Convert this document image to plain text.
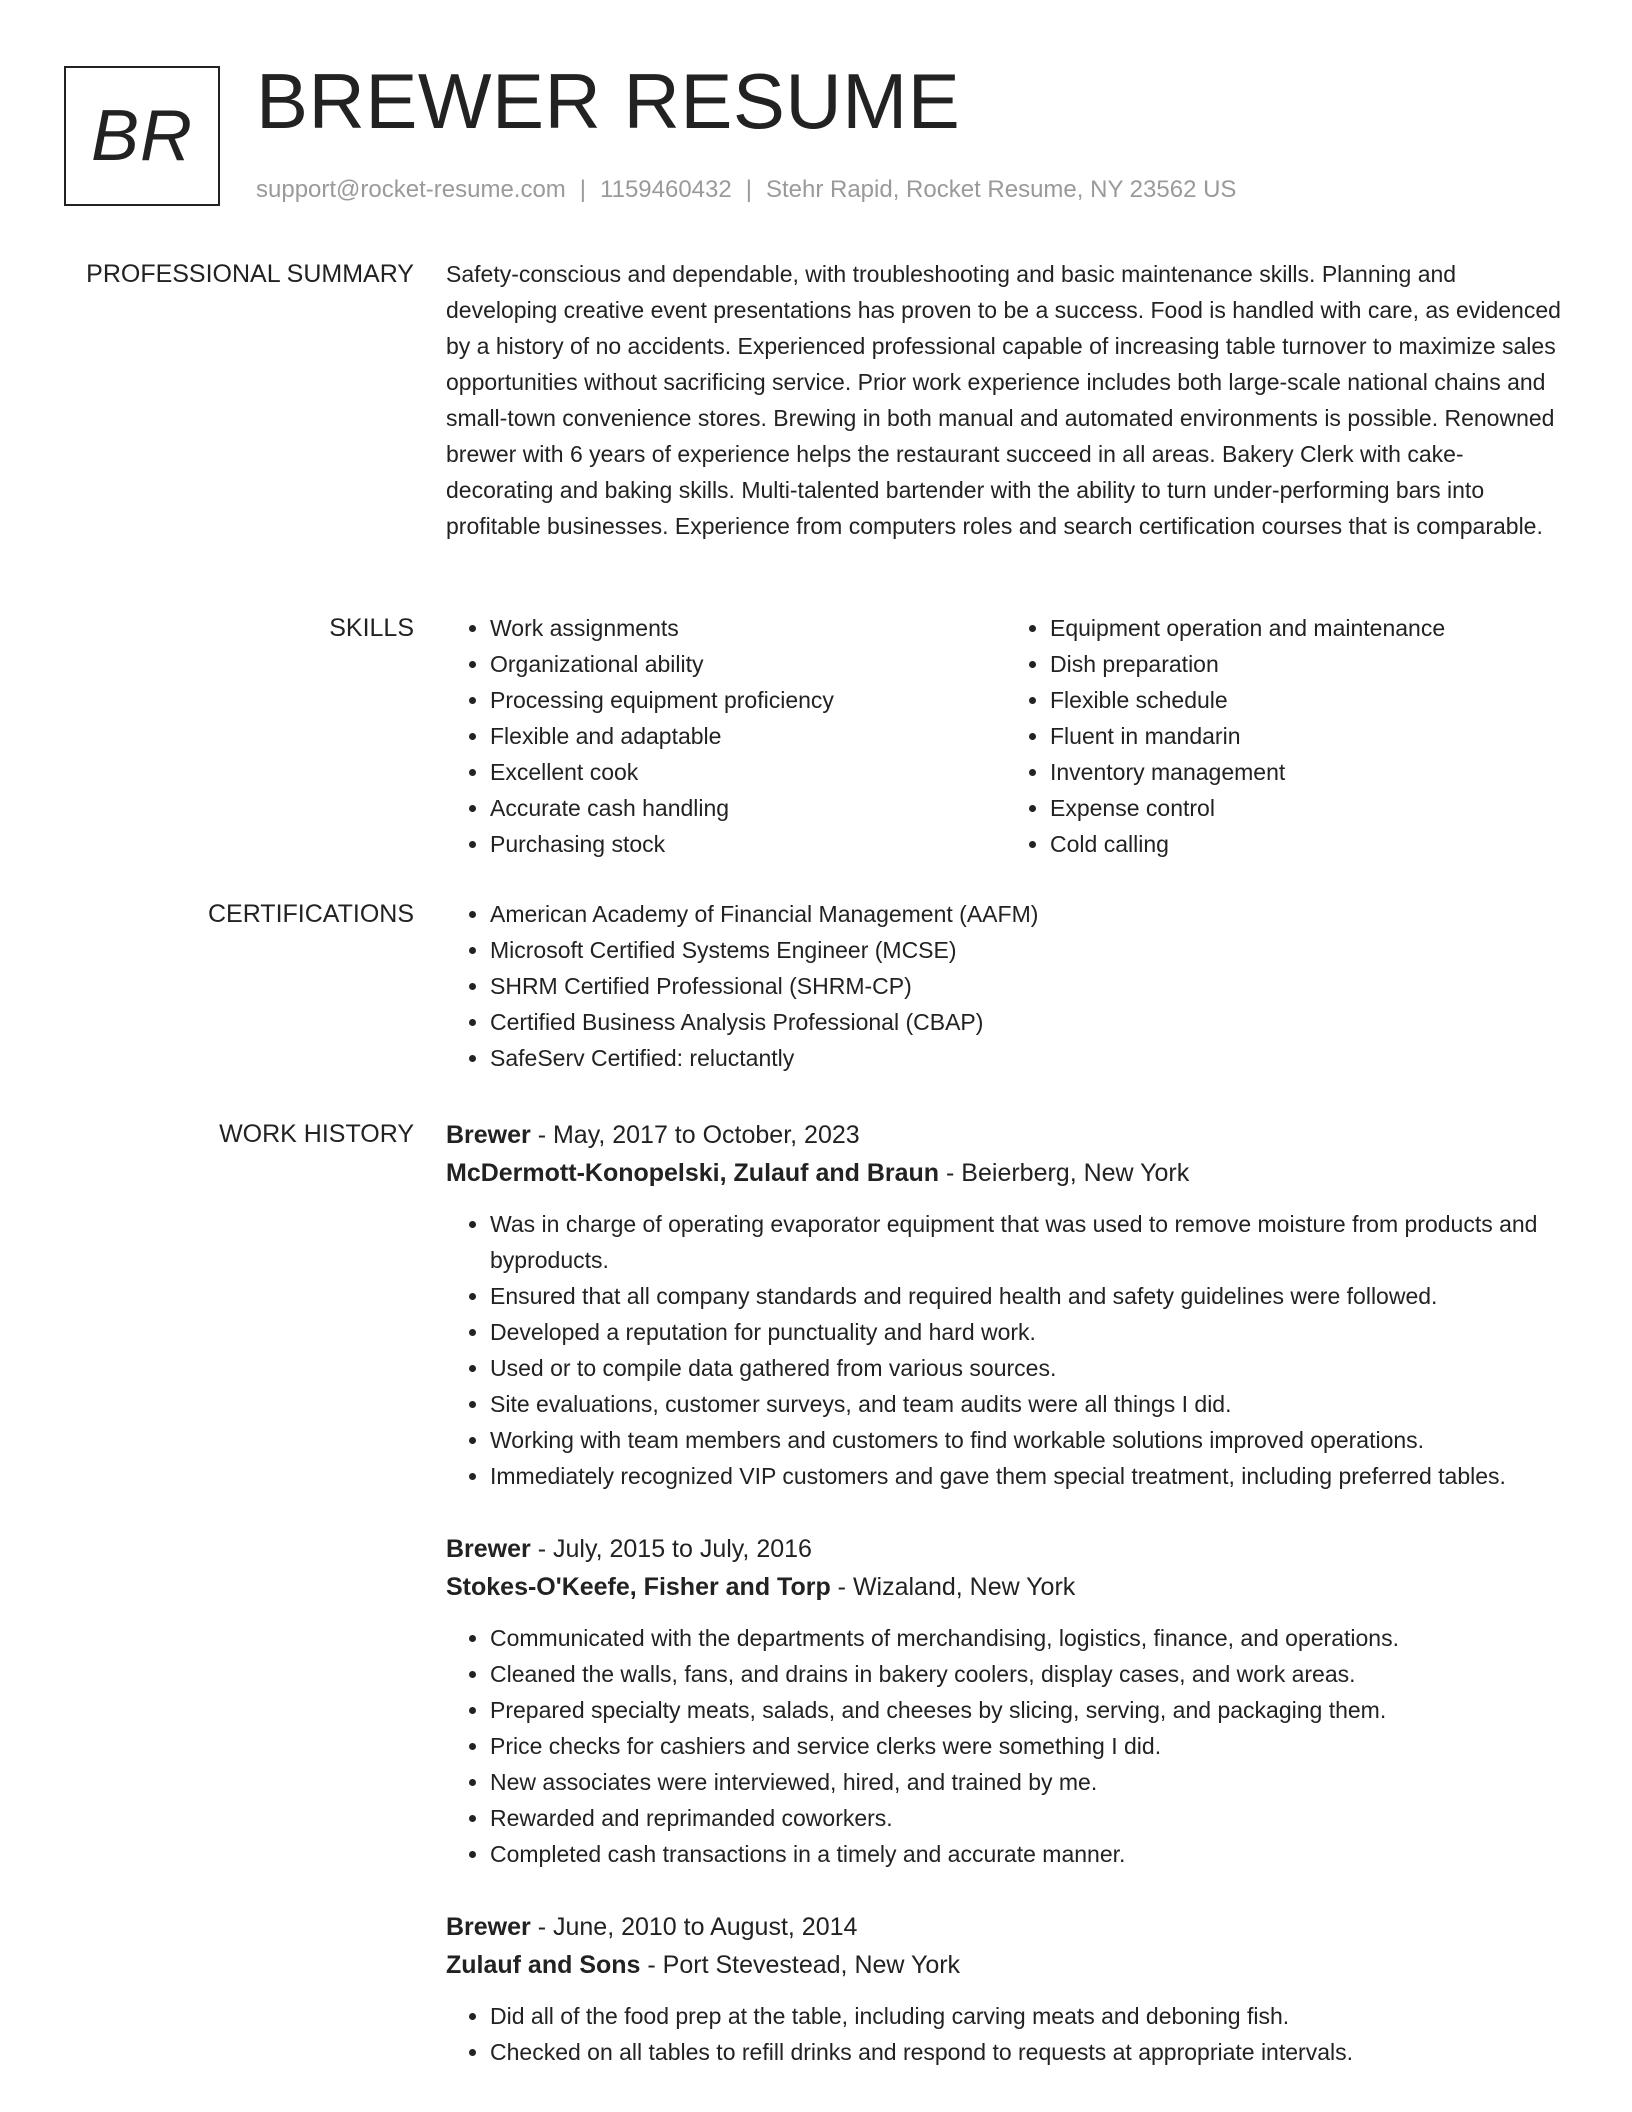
BR BREWER RESUME
support@rocket-resume.com | 1159460432 | Stehr Rapid, Rocket Resume, NY 23562 US
PROFESSIONAL SUMMARY Safety-conscious and dependable, with troubleshooting and basic maintenance skills. Planning and developing creative event presentations has proven to be a success. Food is handled with care, as evidenced by a history of no accidents. Experienced professional capable of increasing table turnover to maximize sales opportunities without sacrificing service. Prior work experience includes both large-scale national chains and small-town convenience stores. Brewing in both manual and automated environments is possible. Renowned brewer with 6 years of experience helps the restaurant succeed in all areas. Bakery Clerk with cake-decorating and baking skills. Multi-talented bartender with the ability to turn under-performing bars into profitable businesses. Experience from computers roles and search certification courses that is comparable.
SKILLS	• Work assignments
• Organizational ability
• Processing equipment proficiency
• Flexible and adaptable
• Excellent cook
• Accurate cash handling
• Purchasing stock
• Equipment operation and maintenance
• Dish preparation
• Flexible schedule
• Fluent in mandarin
• Inventory management
• Expense control
• Cold calling
CERTIFICATIONS	• American Academy of Financial Management (AAFM)
• Microsoft Certified Systems Engineer (MCSE)
• SHRM Certified Professional (SHRM-CP)
• Certified Business Analysis Professional (CBAP)
• SafeServ Certified: reluctantly
WORK HISTORY Brewer - May, 2017 to October, 2023
McDermott-Konopelski, Zulauf and Braun - Beierberg, New York
• Was in charge of operating evaporator equipment that was used to remove moisture from products and byproducts.
• Ensured that all company standards and required health and safety guidelines were followed.
• Developed a reputation for punctuality and hard work.
• Used or to compile data gathered from various sources.
• Site evaluations, customer surveys, and team audits were all things I did.
• Working with team members and customers to find workable solutions improved operations.
• Immediately recognized VIP customers and gave them special treatment, including preferred tables.
Brewer - July, 2015 to July, 2016
Stokes-O'Keefe, Fisher and Torp - Wizaland, New York
• Communicated with the departments of merchandising, logistics, finance, and operations.
• Cleaned the walls, fans, and drains in bakery coolers, display cases, and work areas.
• Prepared specialty meats, salads, and cheeses by slicing, serving, and packaging them.
• Price checks for cashiers and service clerks were something I did.
• New associates were interviewed, hired, and trained by me.
• Rewarded and reprimanded coworkers.
• Completed cash transactions in a timely and accurate manner.
Brewer - June, 2010 to August, 2014
Zulauf and Sons - Port Stevestead, New York
• Did all of the food prep at the table, including carving meats and deboning fish.
• Checked on all tables to refill drinks and respond to requests at appropriate intervals.
